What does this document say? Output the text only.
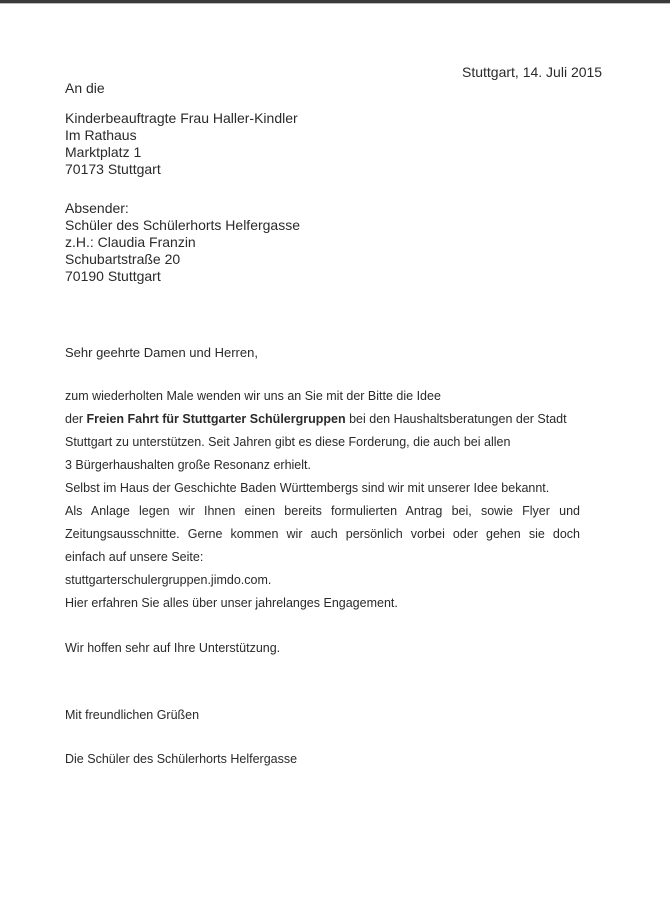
Stuttgart, 14. Juli 2015
An die
Kinderbeauftragte Frau Haller-Kindler
Im Rathaus
Marktplatz 1
70173 Stuttgart
Absender:
Schüler des Schülerhorts Helfergasse
z.H.: Claudia Franzin
Schubartstraße 20
70190 Stuttgart
Sehr geehrte Damen und Herren,
zum wiederholten Male wenden wir uns an Sie mit der Bitte die Idee
der Freien Fahrt für Stuttgarter Schülergruppen bei den Haushaltsberatungen der Stadt
Stuttgart zu unterstützen. Seit Jahren gibt es diese Forderung, die auch bei allen
3 Bürgerhaushalten große Resonanz erhielt.
Selbst im Haus der Geschichte Baden Württembergs sind wir mit unserer Idee bekannt.
Als Anlage legen wir Ihnen einen bereits formulierten Antrag bei, sowie Flyer und
Zeitungsausschnitte. Gerne kommen wir auch persönlich vorbei oder gehen sie doch
einfach auf unsere Seite:
stuttgarterschulergruppen.jimdo.com.
Hier erfahren Sie alles über unser jahrelanges Engagement.
Wir hoffen sehr auf Ihre Unterstützung.
Mit freundlichen Grüßen
Die Schüler des Schülerhorts Helfergasse
